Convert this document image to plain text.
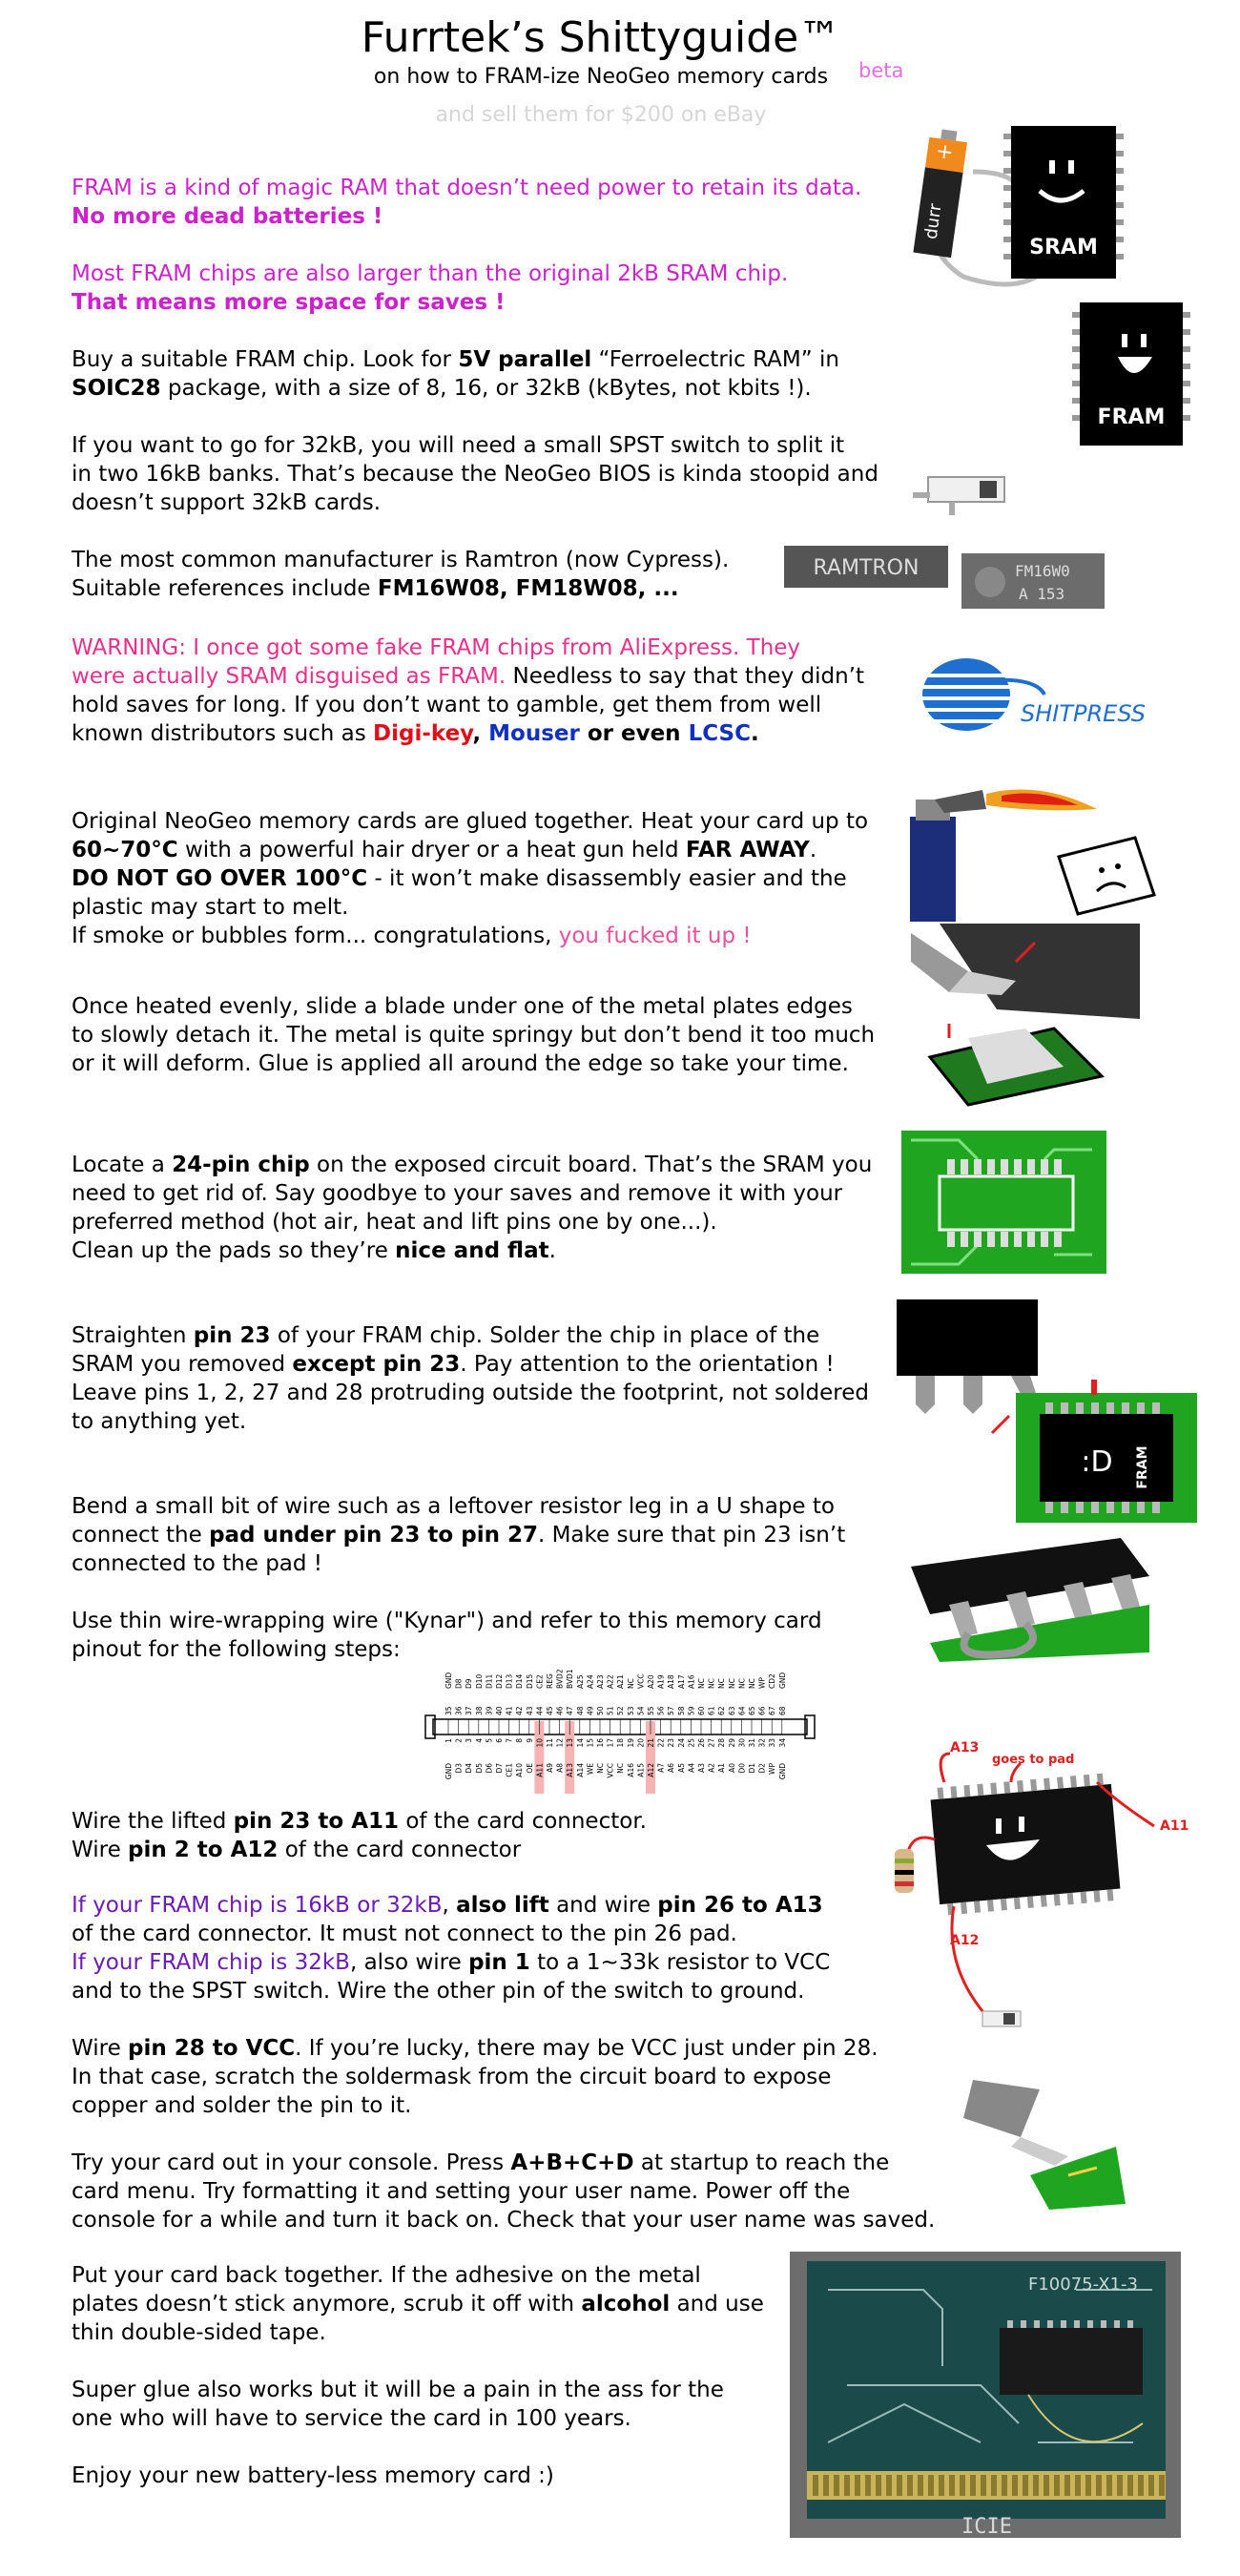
Furrtek’s Shittyguide™
on how to FRAM-ize NeoGeo memory cards	beta
and sell them for $200 on eBay
FRAM is a kind of magic RAM that doesn’t need power to retain its data.
No more dead batteries !
Most FRAM chips are also larger than the original 2kB SRAM chip.
That means more space for saves !
Buy a suitable FRAM chip. Look for 5V parallel “Ferroelectric RAM” in
SOIC28 package, with a size of 8, 16, or 32kB (kBytes, not kbits !).
If you want to go for 32kB, you will need a small SPST switch to split it
in two 16kB banks. That’s because the NeoGeo BIOS is kinda stoopid and
doesn’t support 32kB cards.
The most common manufacturer is Ramtron (now Cypress).
Suitable references include FM16W08, FM18W08, ...
WARNING: I once got some fake FRAM chips from AliExpress. They
were actually SRAM disguised as FRAM. Needless to say that they didn’t
hold saves for long. If you don’t want to gamble, get them from well
known distributors such as Digi-key, Mouser or even LCSC.
Original NeoGeo memory cards are glued together. Heat your card up to
60~70°C with a powerful hair dryer or a heat gun held FAR AWAY.
DO NOT GO OVER 100°C - it won’t make disassembly easier and the
plastic may start to melt.
If smoke or bubbles form... congratulations, you fucked it up !
Once heated evenly, slide a blade under one of the metal plates edges
to slowly detach it. The metal is quite springy but don’t bend it too much
or it will deform. Glue is applied all around the edge so take your time.
Locate a 24-pin chip on the exposed circuit board. That’s the SRAM you
need to get rid of. Say goodbye to your saves and remove it with your
preferred method (hot air, heat and lift pins one by one...).
Clean up the pads so they’re nice and flat.
Straighten pin 23 of your FRAM chip. Solder the chip in place of the
SRAM you removed except pin 23. Pay attention to the orientation !
Leave pins 1, 2, 27 and 28 protruding outside the footprint, not soldered
to anything yet.
Bend a small bit of wire such as a leftover resistor leg in a U shape to
connect the pad under pin 23 to pin 27. Make sure that pin 23 isn’t
connected to the pad !
Use thin wire-wrapping wire ("Kynar") and refer to this memory card
pinout for the following steps:
Wire the lifted pin 23 to A11 of the card connector.
Wire pin 2 to A12 of the card connector
If your FRAM chip is 16kB or 32kB, also lift and wire pin 26 to A13
of the card connector. It must not connect to the pin 26 pad.
If your FRAM chip is 32kB, also wire pin 1 to a 1~33k resistor to VCC
and to the SPST switch. Wire the other pin of the switch to ground.
Wire pin 28 to VCC. If you’re lucky, there may be VCC just under pin 28.
In that case, scratch the soldermask from the circuit board to expose
copper and solder the pin to it.
Try your card out in your console. Press A+B+C+D at startup to reach the
card menu. Try formatting it and setting your user name. Power off the
console for a while and turn it back on. Check that your user name was saved.
Put your card back together. If the adhesive on the metal
plates doesn’t stick anymore, scrub it off with alcohol and use
thin double-sided tape.
Super glue also works but it will be a pain in the ass for the
one who will have to service the card in 100 years.
Enjoy your new battery-less memory card :)
+
durr
SRAM
FRAM
RAMTRON	FM16W0
A 153
SHITPRESS
:D FRAM
35
GND
1
GND
36
D8
2
D3
37
D9
3
D4
38
D10
4
D5
39
D11
5
D6
40
D12
6
D7
41
D13
7
CE1
42
D14
8
A10
43
D15
9
OE
44
CE2
10
A11
45
REG
11
A9
46
BVD2
12
A8
47
BVD1
13
A13
48
A25
14
A14
49
A24
15
WE
50
A23
16
NC
51
A22
17
VCC
52
A21
18
NC
53
NC
19
A16
54
VCC
20
A15
55
A20
21
A12
56
A19
22
A7
57
A18
23
A6
58
A17
24
A5
59
A16
25
A4
60
NC
26
A3
61
NC
27
A2
62
NC
28
A1
63
NC
29
A0
64
NC
30
D0
65
NC
31
D1
66
WP
32
D2
67
CD2
33
WP
68
GND
34
GND
A13
goes to pad
A11
A12
F10075-X1-3
ICIE
